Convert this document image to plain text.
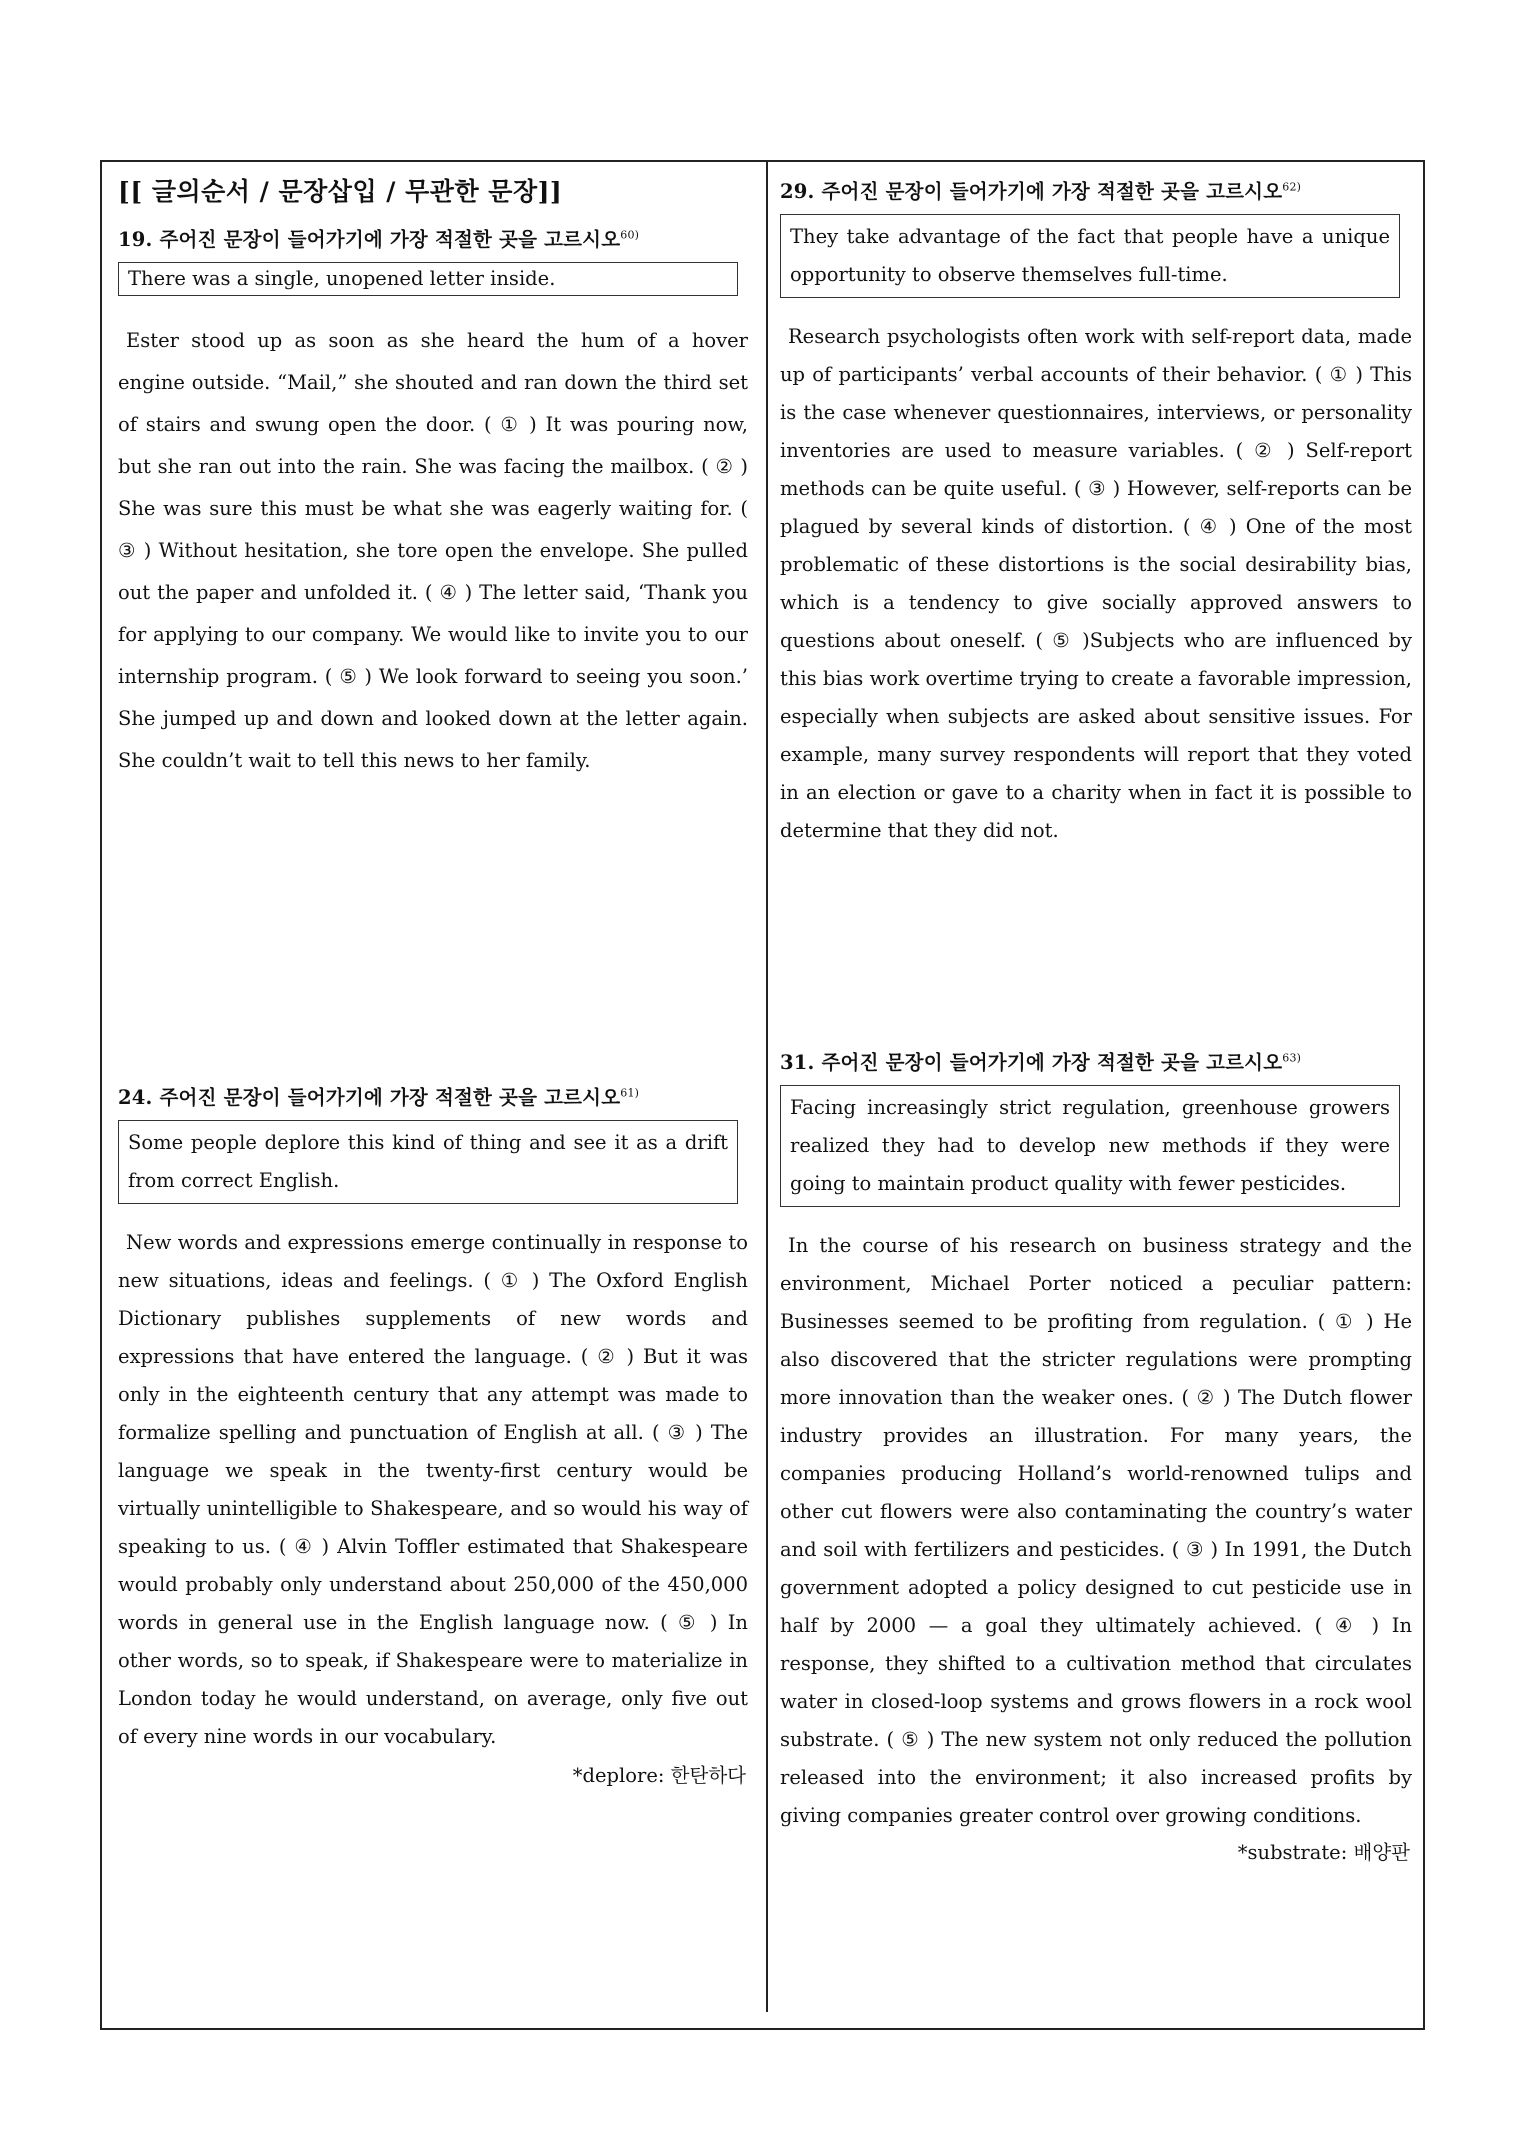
[[ 글의순서 / 문장삽입 / 무관한 문장]]
19. 주어진 문장이 들어가기에 가장 적절한 곳을 고르시오$^{60)}$
There was a single, unopened letter inside.
Ester stood up as soon as she heard the hum of a hover engine outside. “Mail,” she shouted and ran down the third set of stairs and swung open the door. ( ① ) It was pouring now, but she ran out into the rain. She was facing the mailbox. ( ② ) She was sure this must be what she was eagerly waiting for. ( ③ ) Without hesitation, she tore open the envelope. She pulled out the paper and unfolded it. ( ④ ) The letter said, ‘Thank you for applying to our company. We would like to invite you to our internship program. ( ⑤ ) We look forward to seeing you soon.’ She jumped up and down and looked down at the letter again. She couldn’t wait to tell this news to her family.
24. 주어진 문장이 들어가기에 가장 적절한 곳을 고르시오$^{61)}$
Some people deplore this kind of thing and see it as a drift from correct English.
New words and expressions emerge continually in response to new situations, ideas and feelings. ( ① ) The Oxford English Dictionary publishes supplements of new words and expressions that have entered the language. ( ② ) But it was only in the eighteenth century that any attempt was made to formalize spelling and punctuation of English at all. ( ③ ) The language we speak in the twenty-first century would be virtually unintelligible to Shakespeare, and so would his way of speaking to us. ( ④ ) Alvin Toffler estimated that Shakespeare would probably only understand about 250,000 of the 450,000 words in general use in the English language now. ( ⑤ ) In other words, so to speak, if Shakespeare were to materialize in London today he would understand, on average, only five out of every nine words in our vocabulary.
*deplore: 한탄하다
29. 주어진 문장이 들어가기에 가장 적절한 곳을 고르시오$^{62)}$
They take advantage of the fact that people have a unique opportunity to observe themselves full-time.
Research psychologists often work with self-report data, made up of participants’ verbal accounts of their behavior. ( ① ) This is the case whenever questionnaires, interviews, or personality inventories are used to measure variables. ( ② ) Self-report methods can be quite useful. ( ③ ) However, self-reports can be plagued by several kinds of distortion. ( ④ ) One of the most problematic of these distortions is the social desirability bias, which is a tendency to give socially approved answers to questions about oneself. ( ⑤ )Subjects who are influenced by this bias work overtime trying to create a favorable impression, especially when subjects are asked about sensitive issues. For example, many survey respondents will report that they voted in an election or gave to a charity when in fact it is possible to determine that they did not.
31. 주어진 문장이 들어가기에 가장 적절한 곳을 고르시오$^{63)}$
Facing increasingly strict regulation, greenhouse growers realized they had to develop new methods if they were going to maintain product quality with fewer pesticides.
In the course of his research on business strategy and the environment, Michael Porter noticed a peculiar pattern: Businesses seemed to be profiting from regulation. ( ① ) He also discovered that the stricter regulations were prompting more innovation than the weaker ones. ( ② ) The Dutch flower industry provides an illustration. For many years, the companies producing Holland’s world-renowned tulips and other cut flowers were also contaminating the country’s water and soil with fertilizers and pesticides. ( ③ ) In 1991, the Dutch government adopted a policy designed to cut pesticide use in half by 2000 — a goal they ultimately achieved. ( ④ ) In response, they shifted to a cultivation method that circulates water in closed-loop systems and grows flowers in a rock wool substrate. ( ⑤ ) The new system not only reduced the pollution released into the environment; it also increased profits by giving companies greater control over growing conditions.
*substrate: 배양판
